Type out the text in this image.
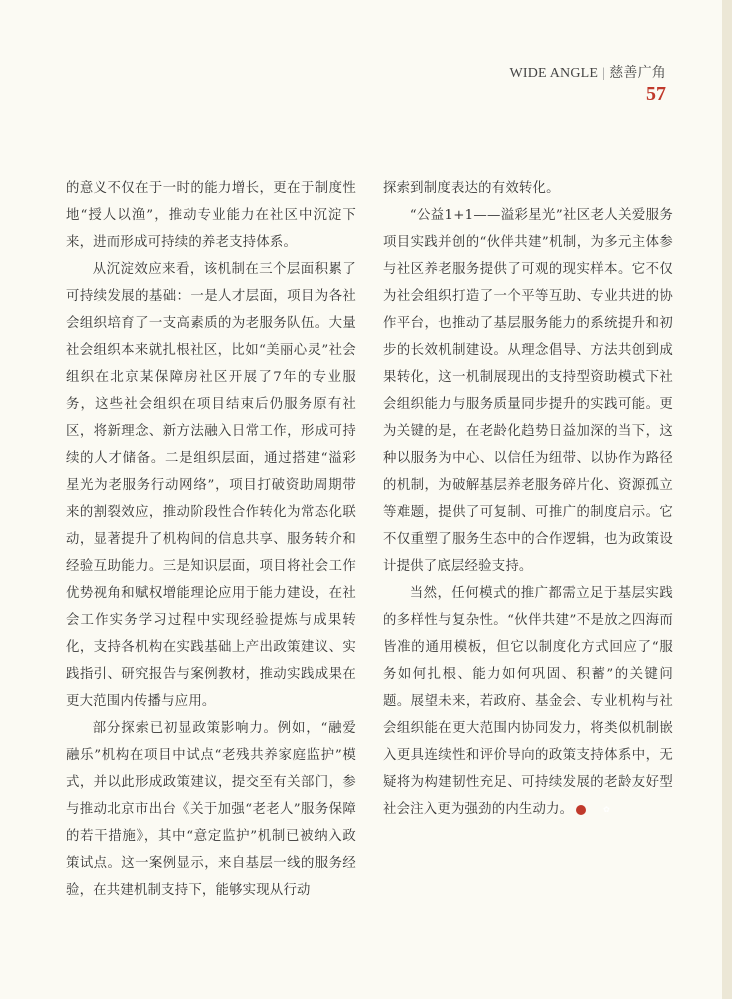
WIDE ANGLE | 慈善广角
57

的意义不仅在于一时的能力增长，更在于制度性地“授人以渔”，推动专业能力在社区中沉淀下来，进而形成可持续的养老支持体系。

从沉淀效应来看，该机制在三个层面积累了可持续发展的基础：一是人才层面，项目为各社会组织培育了一支高素质的为老服务队伍。大量社会组织本来就扎根社区，比如“美丽心灵”社会组织在北京某保障房社区开展了7年的专业服务，这些社会组织在项目结束后仍服务原有社区，将新理念、新方法融入日常工作，形成可持续的人才储备。二是组织层面，通过搭建“溢彩星光为老服务行动网络”，项目打破资助周期带来的割裂效应，推动阶段性合作转化为常态化联动，显著提升了机构间的信息共享、服务转介和经验互助能力。三是知识层面，项目将社会工作优势视角和赋权增能理论应用于能力建设，在社会工作实务学习过程中实现经验提炼与成果转化，支持各机构在实践基础上产出政策建议、实践指引、研究报告与案例教材，推动实践成果在更大范围内传播与应用。

部分探索已初显政策影响力。例如，“融爱融乐”机构在项目中试点“老残共养家庭监护”模式，并以此形成政策建议，提交至有关部门，参与推动北京市出台《关于加强“老老人”服务保障的若干措施》，其中“意定监护”机制已被纳入政策试点。这一案例显示，来自基层一线的服务经验，在共建机制支持下，能够实现从行动

探索到制度表达的有效转化。

“公益1+1——溢彩星光”社区老人关爱服务项目实践并创的“伙伴共建”机制，为多元主体参与社区养老服务提供了可观的现实样本。它不仅为社会组织打造了一个平等互助、专业共进的协作平台，也推动了基层服务能力的系统提升和初步的长效机制建设。从理念倡导、方法共创到成果转化，这一机制展现出的支持型资助模式下社会组织能力与服务质量同步提升的实践可能。更为关键的是，在老龄化趋势日益加深的当下，这种以服务为中心、以信任为纽带、以协作为路径的机制，为破解基层养老服务碎片化、资源孤立等难题，提供了可复制、可推广的制度启示。它不仅重塑了服务生态中的合作逻辑，也为政策设计提供了底层经验支持。

当然，任何模式的推广都需立足于基层实践的多样性与复杂性。“伙伴共建”不是放之四海而皆准的通用模板，但它以制度化方式回应了“服务如何扎根、能力如何巩固、积蓄”的关键问题。展望未来，若政府、基金会、专业机构与社会组织能在更大范围内协同发力，将类似机制嵌入更具连续性和评价导向的政策支持体系中，无疑将为构建韧性充足、可持续发展的老龄友好型社会注入更为强劲的内生动力。	✿
